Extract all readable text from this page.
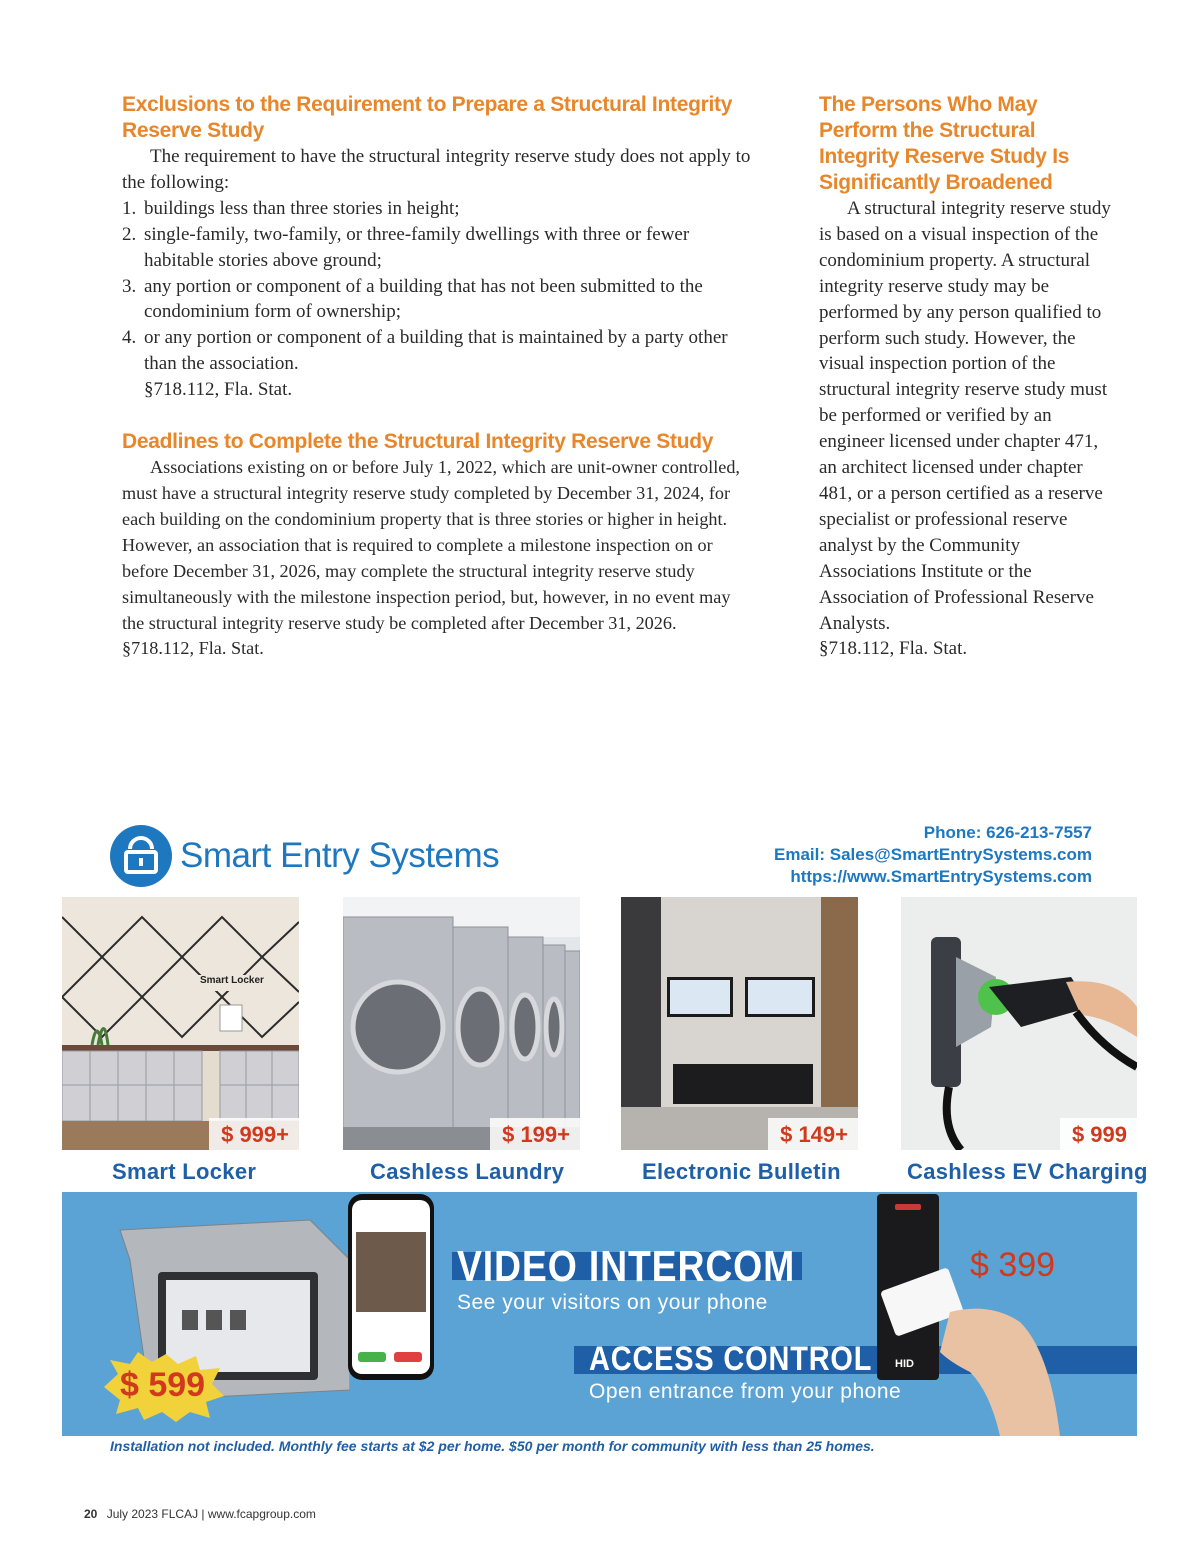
Exclusions to the Requirement to Prepare a Structural Integrity Reserve Study

The requirement to have the structural integrity reserve study does not apply to the following:

1. buildings less than three stories in height;
2. single-family, two-family, or three-family dwellings with three or fewer habitable stories above ground;
3. any portion or component of a building that has not been submitted to the condominium form of ownership;
4. or any portion or component of a building that is maintained by a party other than the association.
§718.112, Fla. Stat.
Deadlines to Complete the Structural Integrity Reserve Study

Associations existing on or before July 1, 2022, which are unit-owner controlled, must have a structural integrity reserve study completed by December 31, 2024, for each building on the condominium property that is three stories or higher in height. However, an association that is required to complete a milestone inspection on or before December 31, 2026, may complete the structural integrity reserve study simultaneously with the milestone inspection period, but, however, in no event may the structural integrity reserve study be completed after December 31, 2026.

§718.112, Fla. Stat.
The Persons Who May Perform the Structural Integrity Reserve Study Is Significantly Broadened

A structural integrity reserve study is based on a visual inspection of the condominium property. A structural integrity reserve study may be performed by any person qualified to perform such study. However, the visual inspection portion of the structural integrity reserve study must be performed or verified by an engineer licensed under chapter 471, an architect licensed under chapter 481, or a person certified as a reserve specialist or professional reserve analyst by the Community Associations Institute or the Association of Professional Reserve Analysts.

§718.112, Fla. Stat.

Smart Entry Systems
Phone: 626-213-7557
Email: Sales@SmartEntrySystems.com
https://www.SmartEntrySystems.com
Smart Locker
$ 999+	$ 199+	$ 149+	$ 999
Smart Locker	Cashless Laundry	Electronic Bulletin	Cashless EV Charging
$ 599
VIDEO INTERCOM
See your visitors on your phone
ACCESS CONTROL
Open entrance from your phone
HID
$ 399
Installation not included. Monthly fee starts at $2 per home. $50 per month for community with less than 25 homes.
20 July 2023 FLCAJ | www.fcapgroup.com
